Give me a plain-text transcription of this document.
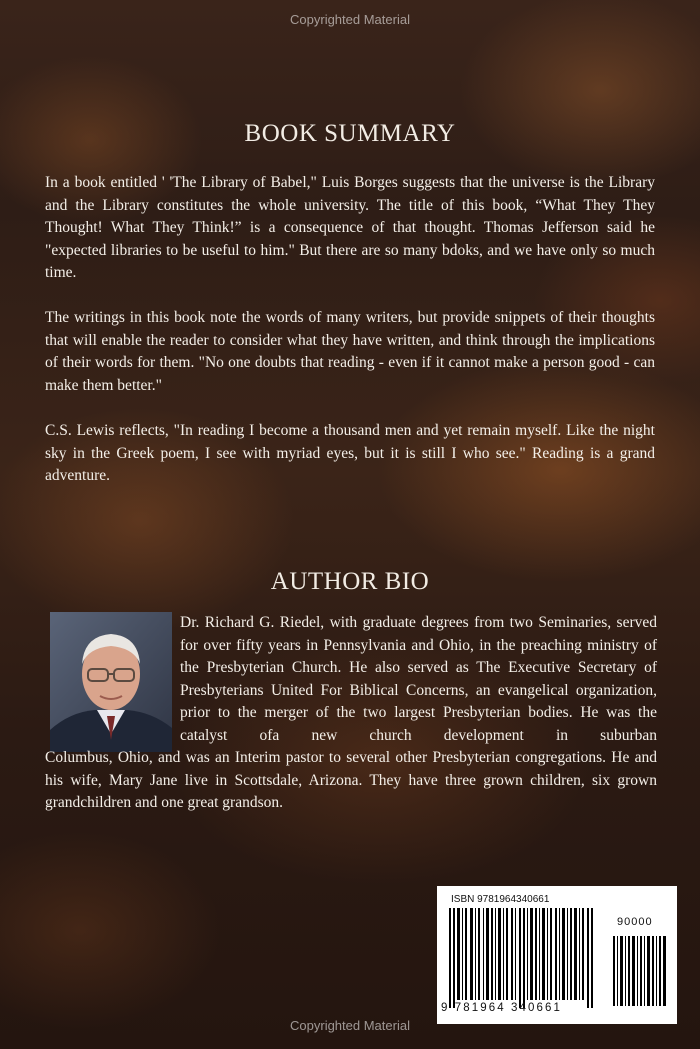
Copyrighted Material
BOOK SUMMARY

In a book entitled ' 'The Library of Babel," Luis Borges suggests that the universe is the Library and the Library constitutes the whole university. The title of this book, “What They They Thought! What They Think!” is a consequence of that thought. Thomas Jefferson said he "expected libraries to be useful to him." But there are so many bdoks, and we have only so much time.

The writings in this book note the words of many writers, but provide snippets of their thoughts that will enable the reader to consider what they have written, and think through the implications of their words for them. "No one doubts that reading - even if it cannot make a person good - can make them better."

C.S. Lewis reflects, "In reading I become a thousand men and yet remain myself. Like the night sky in the Greek poem, I see with myriad eyes, but it is still I who see." Reading is a grand adventure.

AUTHOR BIO

Dr. Richard G. Riedel, with graduate degrees from two Seminaries, served for over fifty years in Pennsylvania and Ohio, in the preaching ministry of the Presbyterian Church. He also served as The Executive Secretary of Presbyterians United For Biblical Concerns, an evangelical organization, prior to the merger of the two largest Presbyterian bodies. He was the catalyst ofa new church development in suburban

Columbus, Ohio, and was an Interim pastor to several other Presbyterian congregations. He and his wife, Mary Jane live in Scottsdale, Arizona. They have three grown children, six grown grandchildren and one great grandson.

ISBN 9781964340661
90000
9 781964 340661
Copyrighted Material
